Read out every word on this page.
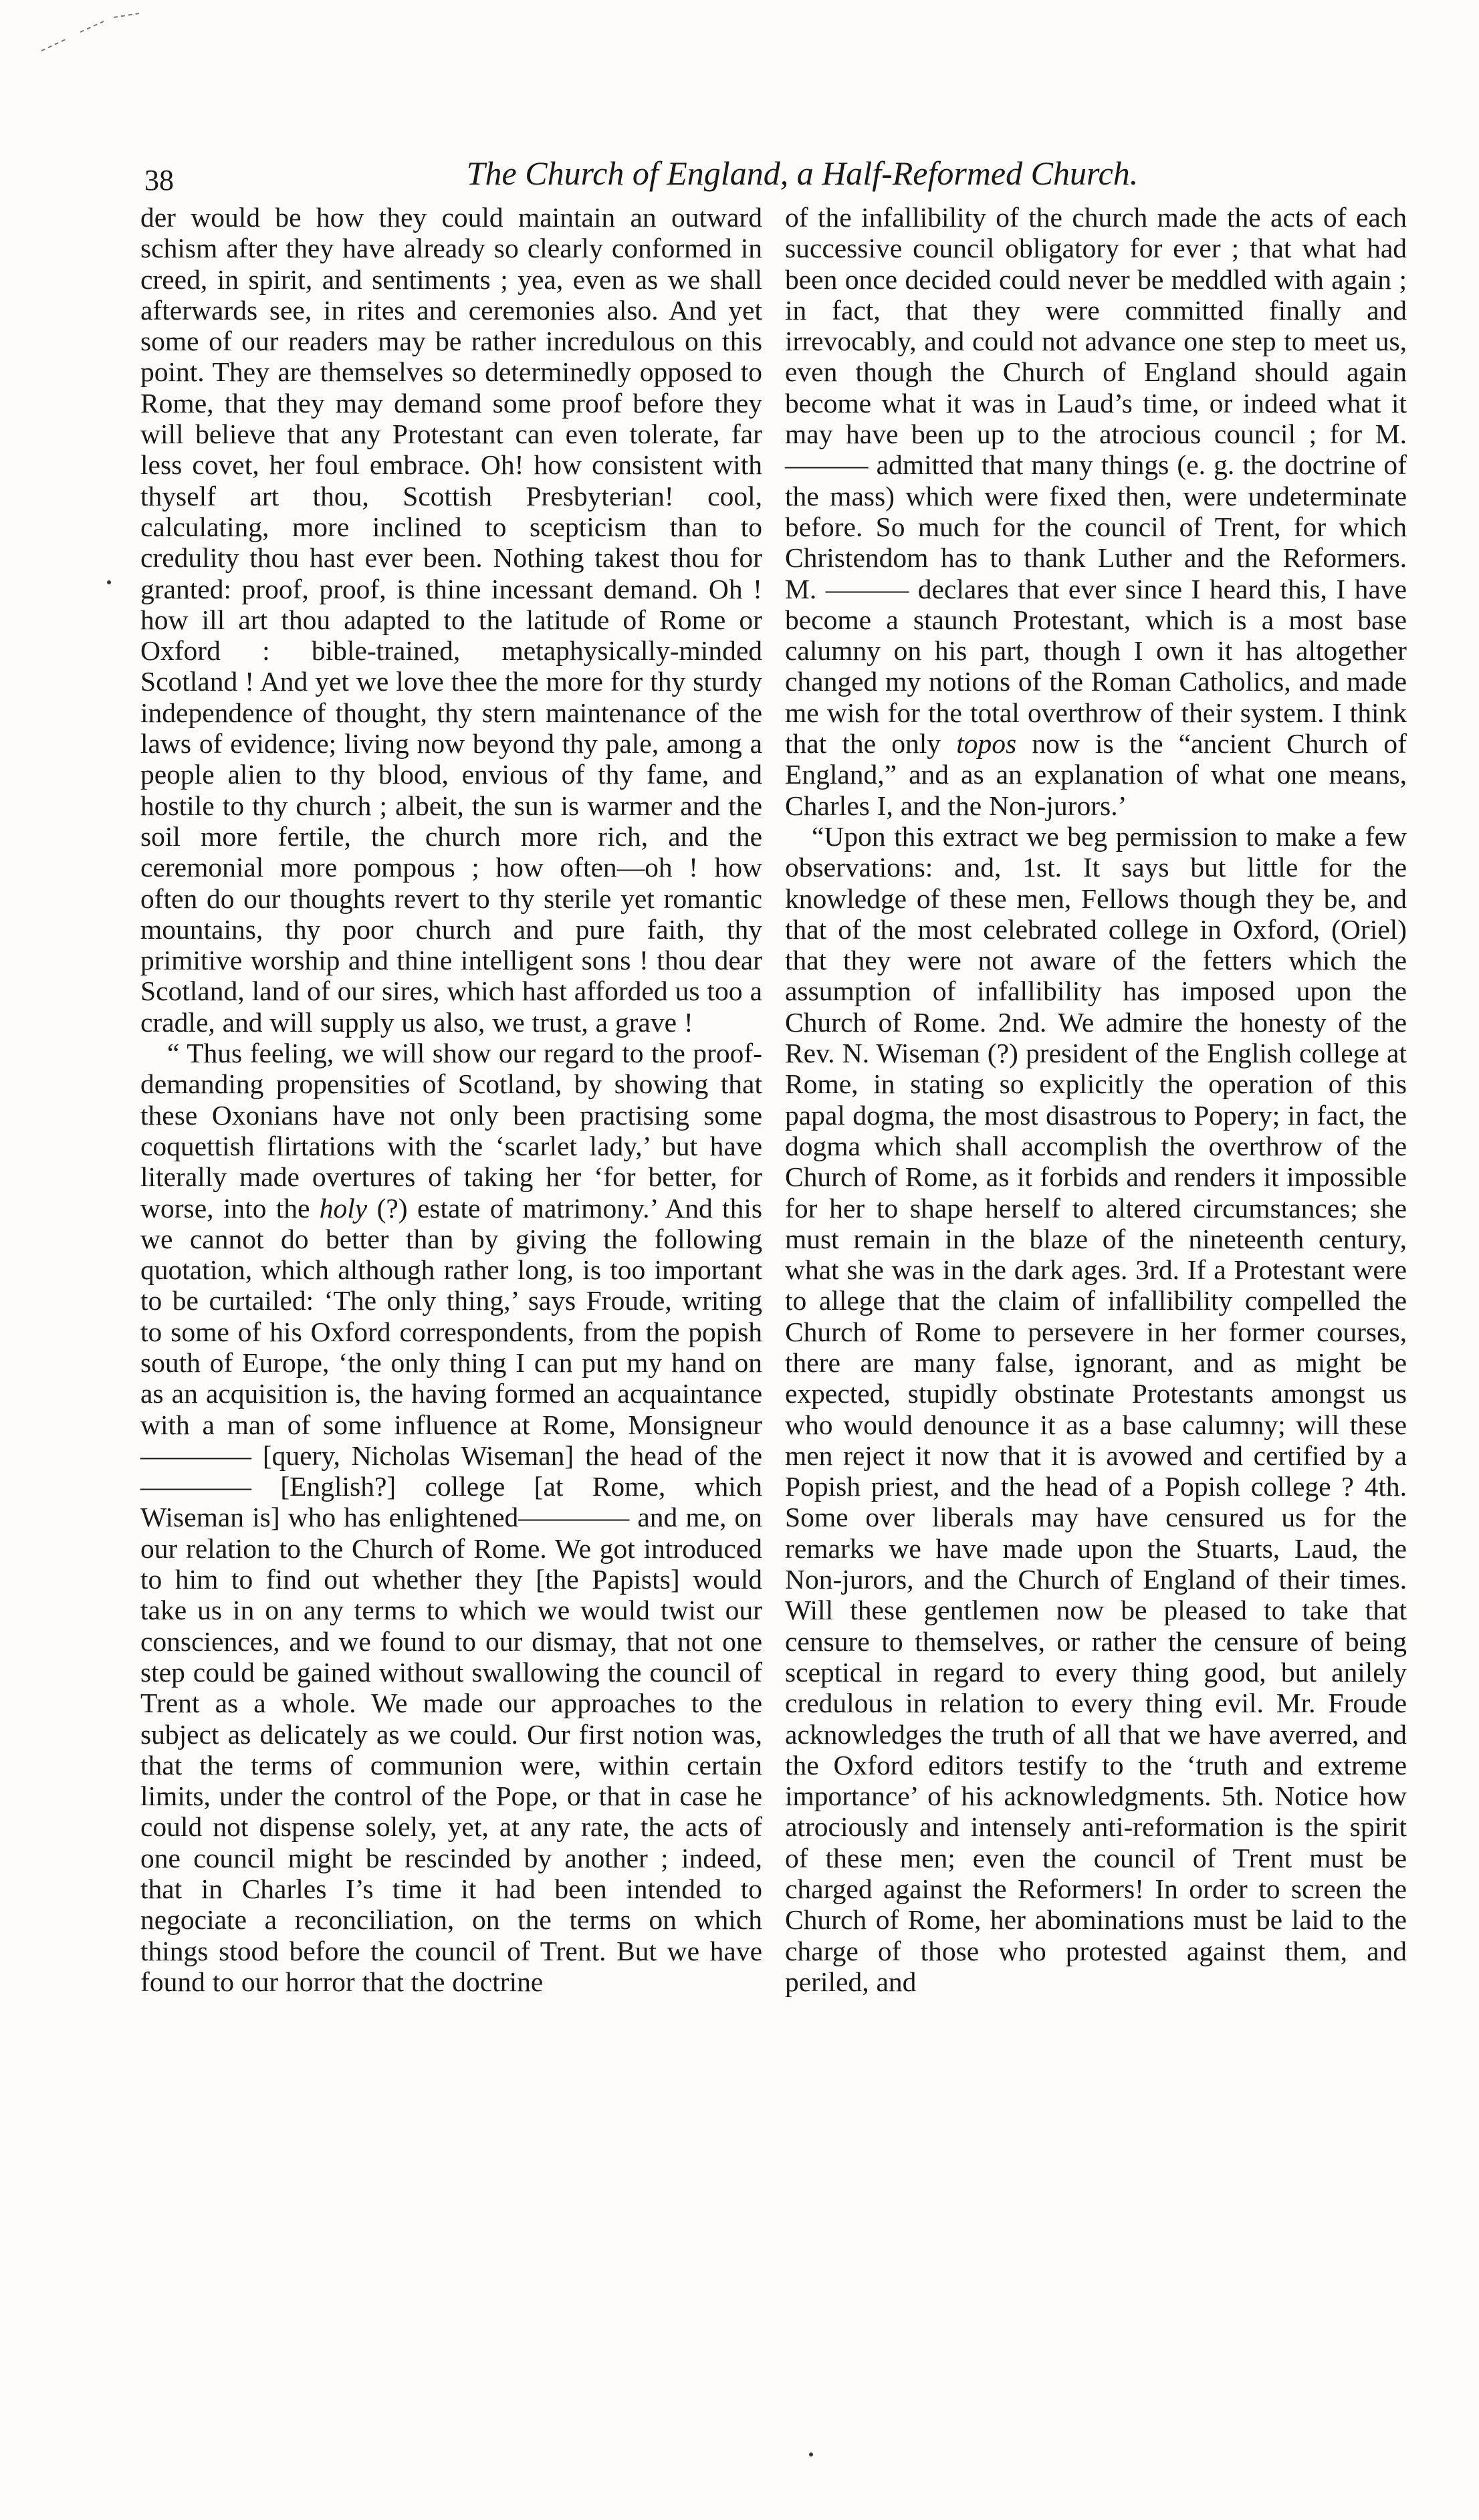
38	The Church of England, a Half-Reformed Church.

der would be how they could maintain an outward schism after they have already so clearly conformed in creed, in spirit, and sentiments ; yea, even as we shall afterwards see, in rites and ceremonies also. And yet some of our readers may be rather incredulous on this point. They are themselves so determinedly opposed to Rome, that they may demand some proof before they will believe that any Protestant can even tolerate, far less covet, her foul embrace. Oh! how consistent with thyself art thou, Scottish Presbyterian! cool, calculating, more inclined to scepticism than to credulity thou hast ever been. Nothing takest thou for granted: proof, proof, is thine incessant demand. Oh ! how ill art thou adapted to the latitude of Rome or Oxford : bible-trained, metaphysically-minded Scotland ! And yet we love thee the more for thy sturdy independence of thought, thy stern maintenance of the laws of evidence; living now beyond thy pale, among a people alien to thy blood, envious of thy fame, and hostile to thy church ; albeit, the sun is warmer and the soil more fertile, the church more rich, and the ceremonial more pompous ; how often—oh ! how often do our thoughts revert to thy sterile yet romantic mountains, thy poor church and pure faith, thy primitive worship and thine intelligent sons ! thou dear Scotland, land of our sires, which hast afforded us too a cradle, and will supply us also, we trust, a grave !

“ Thus feeling, we will show our regard to the proof-demanding propensities of Scotland, by showing that these Oxonians have not only been practising some coquettish flirtations with the ‘scarlet lady,’ but have literally made overtures of taking her ‘for better, for worse, into the holy (?) estate of matrimony.’ And this we cannot do better than by giving the following quotation, which although rather long, is too important to be curtailed: ‘The only thing,’ says Froude, writing to some of his Oxford correspondents, from the popish south of Europe, ‘the only thing I can put my hand on as an acquisition is, the having formed an acquaintance with a man of some influence at Rome, Monsigneur———— [query, Nicholas Wiseman] the head of the———— [English?] college [at Rome, which Wiseman is] who has enlightened———— and me, on our relation to the Church of Rome. We got introduced to him to find out whether they [the Papists] would take us in on any terms to which we would twist our consciences, and we found to our dismay, that not one step could be gained without swallowing the council of Trent as a whole. We made our approaches to the subject as delicately as we could. Our first notion was, that the terms of communion were, within certain limits, under the control of the Pope, or that in case he could not dispense solely, yet, at any rate, the acts of one council might be rescinded by another ; indeed, that in Charles I’s time it had been intended to negociate a reconciliation, on the terms on which things stood before the council of Trent. But we have found to our horror that the doctrine

of the infallibility of the church made the acts of each successive council obligatory for ever ; that what had been once decided could never be meddled with again ; in fact, that they were committed finally and irrevocably, and could not advance one step to meet us, even though the Church of England should again become what it was in Laud’s time, or indeed what it may have been up to the atrocious council ; for M. ——— admitted that many things (e. g. the doctrine of the mass) which were fixed then, were undeterminate before. So much for the council of Trent, for which Christendom has to thank Luther and the Reformers. M. ——— declares that ever since I heard this, I have become a staunch Protestant, which is a most base calumny on his part, though I own it has altogether changed my notions of the Roman Catholics, and made me wish for the total overthrow of their system. I think that the only topos now is the “ancient Church of England,” and as an explanation of what one means, Charles I, and the Non-jurors.’

“Upon this extract we beg permission to make a few observations: and, 1st. It says but little for the knowledge of these men, Fellows though they be, and that of the most celebrated college in Oxford, (Oriel) that they were not aware of the fetters which the assumption of infallibility has imposed upon the Church of Rome. 2nd. We admire the honesty of the Rev. N. Wiseman (?) president of the English college at Rome, in stating so explicitly the operation of this papal dogma, the most disastrous to Popery; in fact, the dogma which shall accomplish the overthrow of the Church of Rome, as it forbids and renders it impossible for her to shape herself to altered circumstances; she must remain in the blaze of the nineteenth century, what she was in the dark ages. 3rd. If a Protestant were to allege that the claim of infallibility compelled the Church of Rome to persevere in her former courses, there are many false, ignorant, and as might be expected, stupidly obstinate Protestants amongst us who would denounce it as a base calumny; will these men reject it now that it is avowed and certified by a Popish priest, and the head of a Popish college ? 4th. Some over liberals may have censured us for the remarks we have made upon the Stuarts, Laud, the Non-jurors, and the Church of England of their times. Will these gentlemen now be pleased to take that censure to themselves, or rather the censure of being sceptical in regard to every thing good, but anilely credulous in relation to every thing evil. Mr. Froude acknowledges the truth of all that we have averred, and the Oxford editors testify to the ‘truth and extreme importance’ of his acknowledgments. 5th. Notice how atrociously and intensely anti-reformation is the spirit of these men; even the council of Trent must be charged against the Reformers! In order to screen the Church of Rome, her abominations must be laid to the charge of those who protested against them, and periled, and
